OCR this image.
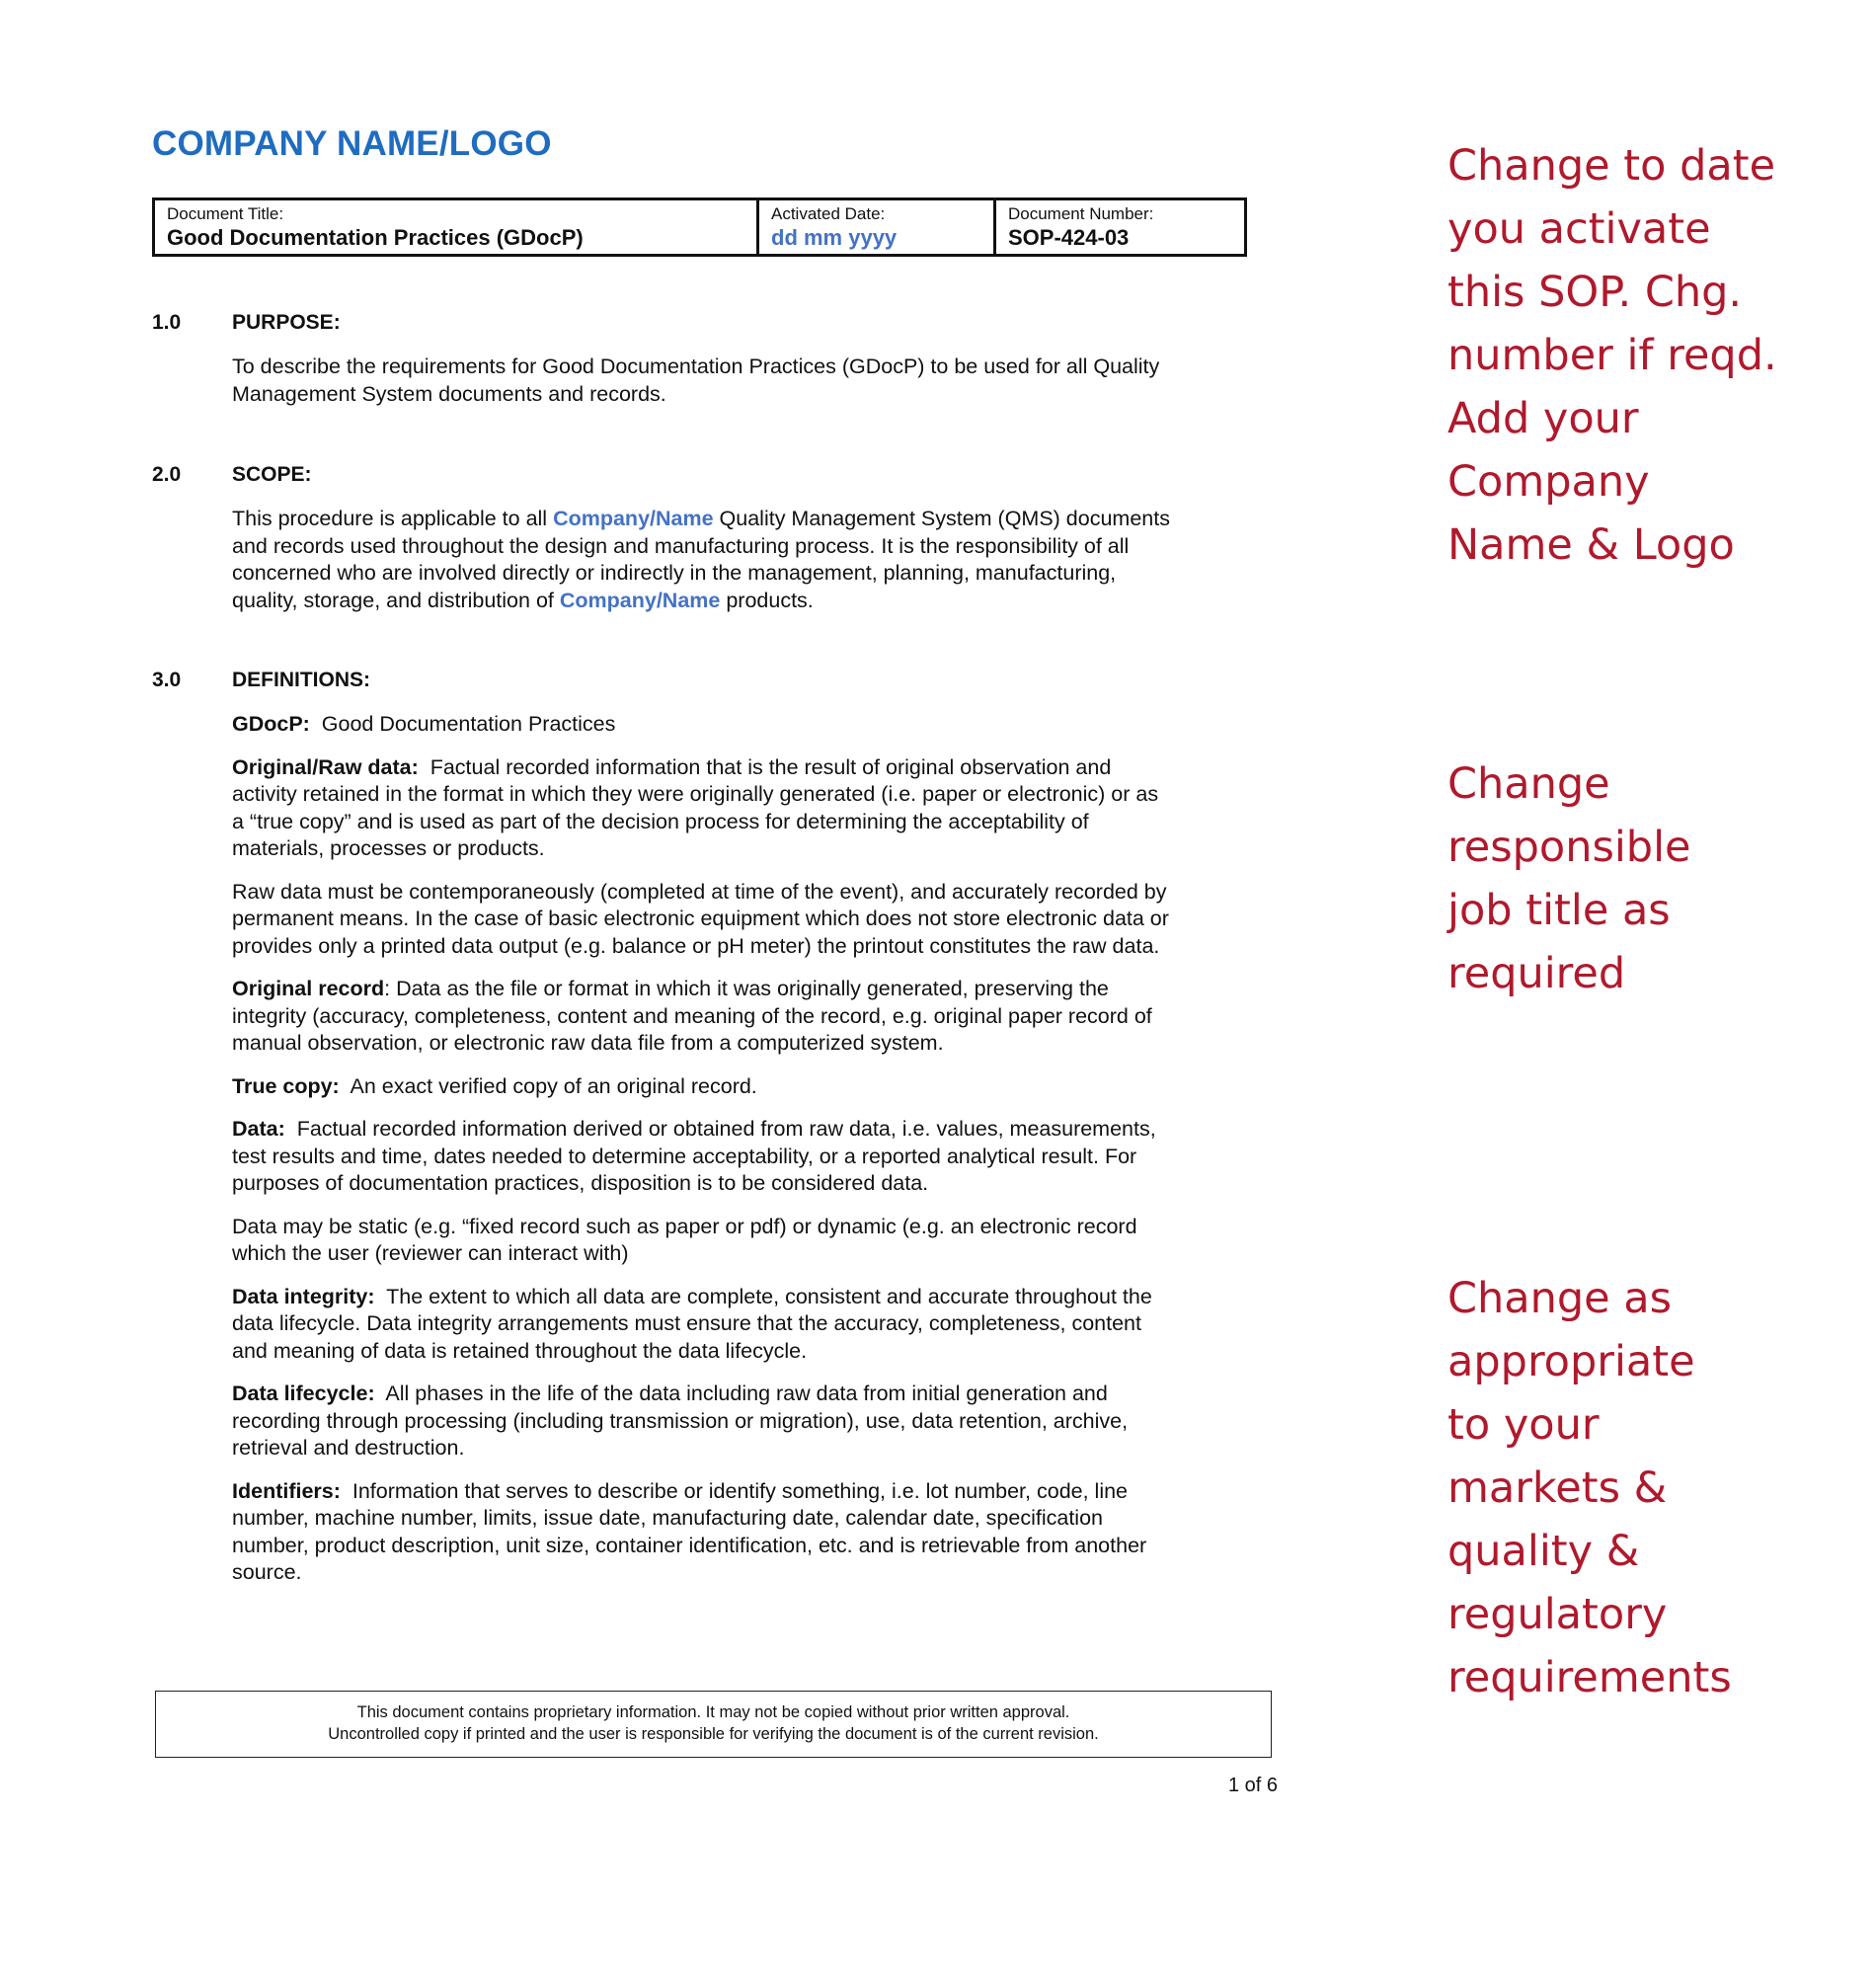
COMPANY NAME/LOGO
Document Title:
Good Documentation Practices (GDocP)
Activated Date:
dd mm yyyy
Document Number:
SOP-424-03
1.0 PURPOSE:

To describe the requirements for Good Documentation Practices (GDocP) to be used for all Quality

Management System documents and records.

2.0 SCOPE:

This procedure is applicable to all Company/Name Quality Management System (QMS) documents

and records used throughout the design and manufacturing process. It is the responsibility of all

concerned who are involved directly or indirectly in the management, planning, manufacturing,

quality, storage, and distribution of Company/Name products.

3.0 DEFINITIONS:

GDocP: Good Documentation Practices

Original/Raw data: Factual recorded information that is the result of original observation and

activity retained in the format in which they were originally generated (i.e. paper or electronic) or as

a “true copy” and is used as part of the decision process for determining the acceptability of

materials, processes or products.

Raw data must be contemporaneously (completed at time of the event), and accurately recorded by

permanent means. In the case of basic electronic equipment which does not store electronic data or

provides only a printed data output (e.g. balance or pH meter) the printout constitutes the raw data.

Original record: Data as the file or format in which it was originally generated, preserving the

integrity (accuracy, completeness, content and meaning of the record, e.g. original paper record of

manual observation, or electronic raw data file from a computerized system.

True copy: An exact verified copy of an original record.

Data: Factual recorded information derived or obtained from raw data, i.e. values, measurements,

test results and time, dates needed to determine acceptability, or a reported analytical result. For

purposes of documentation practices, disposition is to be considered data.

Data may be static (e.g. “fixed record such as paper or pdf) or dynamic (e.g. an electronic record

which the user (reviewer can interact with)

Data integrity: The extent to which all data are complete, consistent and accurate throughout the

data lifecycle. Data integrity arrangements must ensure that the accuracy, completeness, content

and meaning of data is retained throughout the data lifecycle.

Data lifecycle: All phases in the life of the data including raw data from initial generation and

recording through processing (including transmission or migration), use, data retention, archive,

retrieval and destruction.

Identifiers: Information that serves to describe or identify something, i.e. lot number, code, line

number, machine number, limits, issue date, manufacturing date, calendar date, specification

number, product description, unit size, container identification, etc. and is retrievable from another

source.

This document contains proprietary information. It may not be copied without prior written approval.
Uncontrolled copy if printed and the user is responsible for verifying the document is of the current revision.
1 of 6
Change to date
you activate
this SOP. Chg.
number if reqd.
Add your
Company
Name & Logo
Change
responsible
job title as
required
Change as
appropriate
to your
markets &
quality &
regulatory
requirements
